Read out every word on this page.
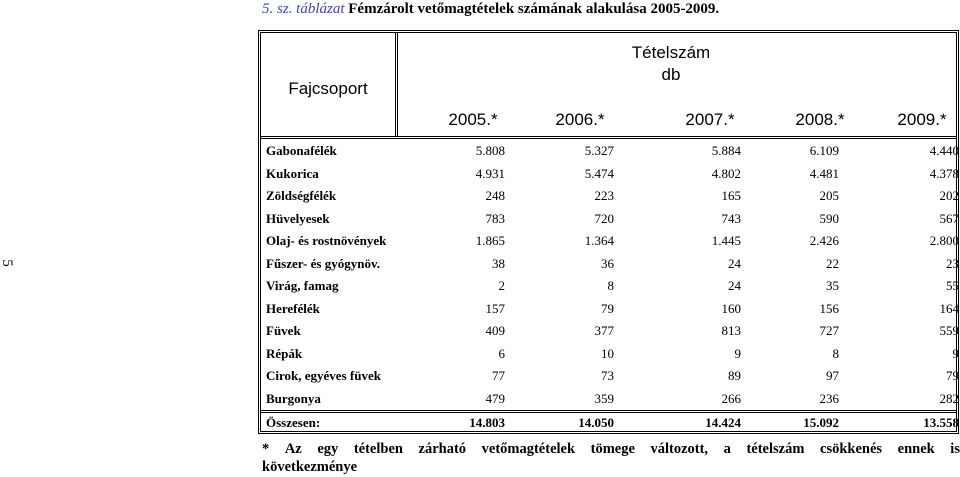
5. sz. táblázat Fémzárolt vetőmagtételek számának alakulása 2005-2009.
5
Fajcsoport
Tételszám
db
2005.*	2006.*	2007.*	2008.*	2009.*
Gabonafélék	5.808	5.327	5.884	6.109	4.440
Kukorica	4.931	5.474	4.802	4.481	4.378
Zöldségfélék	248	223	165	205	202
Hüvelyesek	783	720	743	590	567
Olaj- és rostnövények	1.865	1.364	1.445	2.426	2.800
Fűszer- és gyógynöv.	38	36	24	22	23
Virág, famag	2	8	24	35	55
Herefélék	157	79	160	156	164
Füvek	409	377	813	727	559
Répák	6	10	9	8	9
Cirok, egyéves füvek	77	73	89	97	79
Burgonya	479	359	266	236	282
Összesen:	14.803	14.050	14.424	15.092	13.558
* Az egy tételben zárható vetőmagtételek tömege változott, a tételszám csökkenés ennek is
következménye
